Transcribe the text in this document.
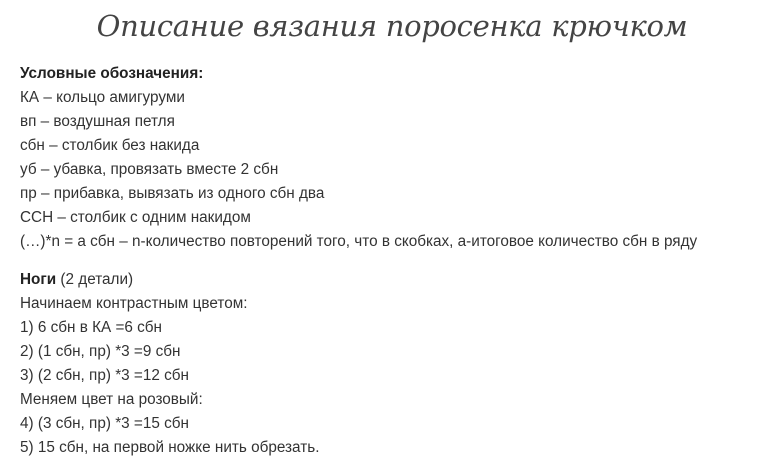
Описание вязания поросенка крючком
Условные обозначения:
КА – кольцо амигуруми
вп – воздушная петля
сбн – столбик без накида
уб – убавка, провязать вместе 2 сбн
пр – прибавка, вывязать из одного сбн два
ССН – столбик с одним накидом
(…)*n = a сбн – n-количество повторений того, что в скобках, a-итоговое количество сбн в ряду
Ноги (2 детали)
Начинаем контрастным цветом:
1) 6 сбн в КА =6 сбн
2) (1 сбн, пр) *3 =9 сбн
3) (2 сбн, пр) *3 =12 сбн
Меняем цвет на розовый:
4) (3 сбн, пр) *3 =15 сбн
5) 15 сбн, на первой ножке нить обрезать.
